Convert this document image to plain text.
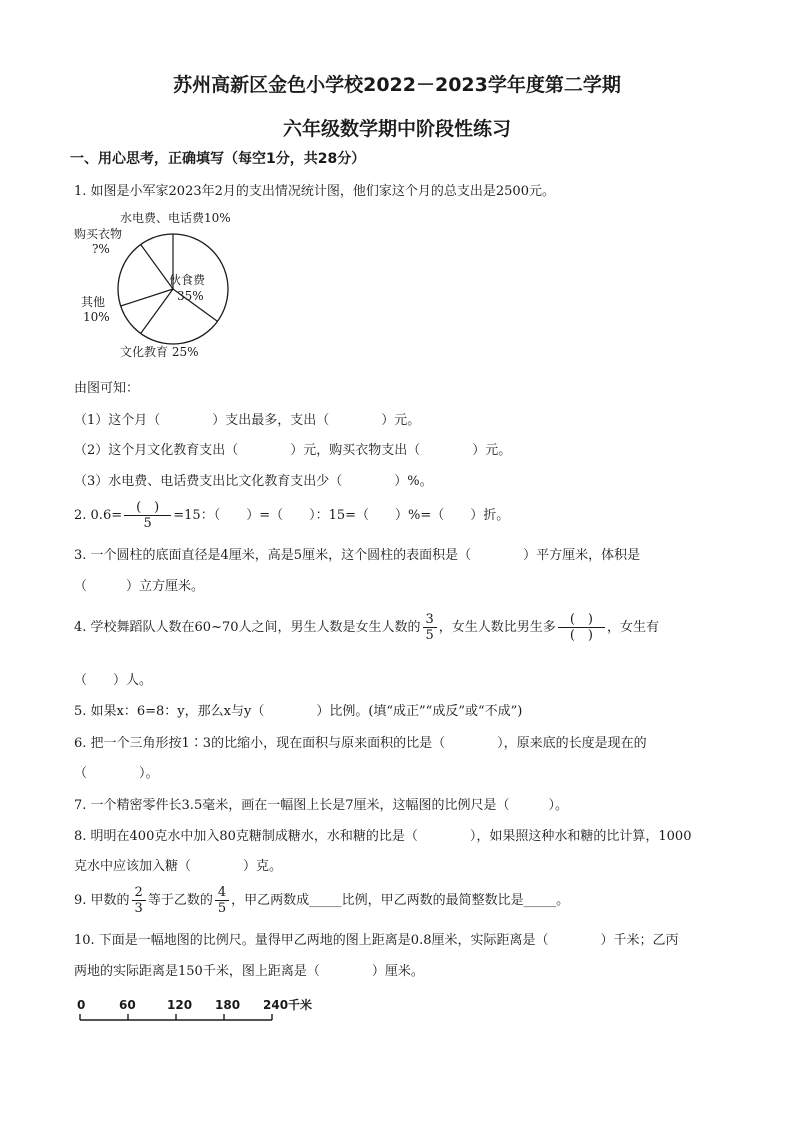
苏州高新区金色小学校2022－2023学年度第二学期
六年级数学期中阶段性练习
一、用心思考，正确填写（每空1分，共28分）
1. 如图是小军家2023年2月的支出情况统计图，他们家这个月的总支出是2500元。
伙食费 35%
文化教育 25%
其他 10%
购买衣物?%
水电费、电话费10%
由图可知：
（1）这个月（　　　　）支出最多，支出（　　　　）元。
（2）这个月文化教育支出（　　　　）元，购买衣物支出（　　　　）元。
（3）水电费、电话费支出比文化教育支出少（　　　　）%。
2. $0.6= \frac{( )}{5} =15$：（　　）=（　　）：15=（　　）%=（　　）折。
3. 一个圆柱的底面直径是4厘米，高是5厘米，这个圆柱的表面积是（　　　　）平方厘米，体积是
（　　　）立方厘米。
4. 学校舞蹈队人数在60~70人之间，男生人数是女生人数的 $\frac{3}{5}$ ，女生人数比男生多 $\frac{( )}{( )}$ ，女生有
（　　）人。
5. 如果x：6=8：y，那么x与y（　　　　）比例。(填“成正”“成反”或“不成”)
6. 把一个三角形按1∶3的比缩小，现在面积与原来面积的比是（　　　　），原来底的长度是现在的
（　　　　）。
7. 一个精密零件长3.5毫米，画在一幅图上长是7厘米，这幅图的比例尺是（　　　）。
8. 明明在400克水中加入80克糖制成糖水，水和糖的比是（　　　　），如果照这种水和糖的比计算，1000
克水中应该加入糖（　　　　）克。
9. 甲数的 $\frac{2}{3}$ 等于乙数的 $\frac{4}{5}$ ，甲乙两数成_____比例，甲乙两数的最简整数比是_____。
10. 下面是一幅地图的比例尺。量得甲乙两地的图上距离是0.8厘米，实际距离是（　　　　）千米；乙丙
两地的实际距离是150千米，图上距离是（　　　　）厘米。
0	60	120 180 240千米
